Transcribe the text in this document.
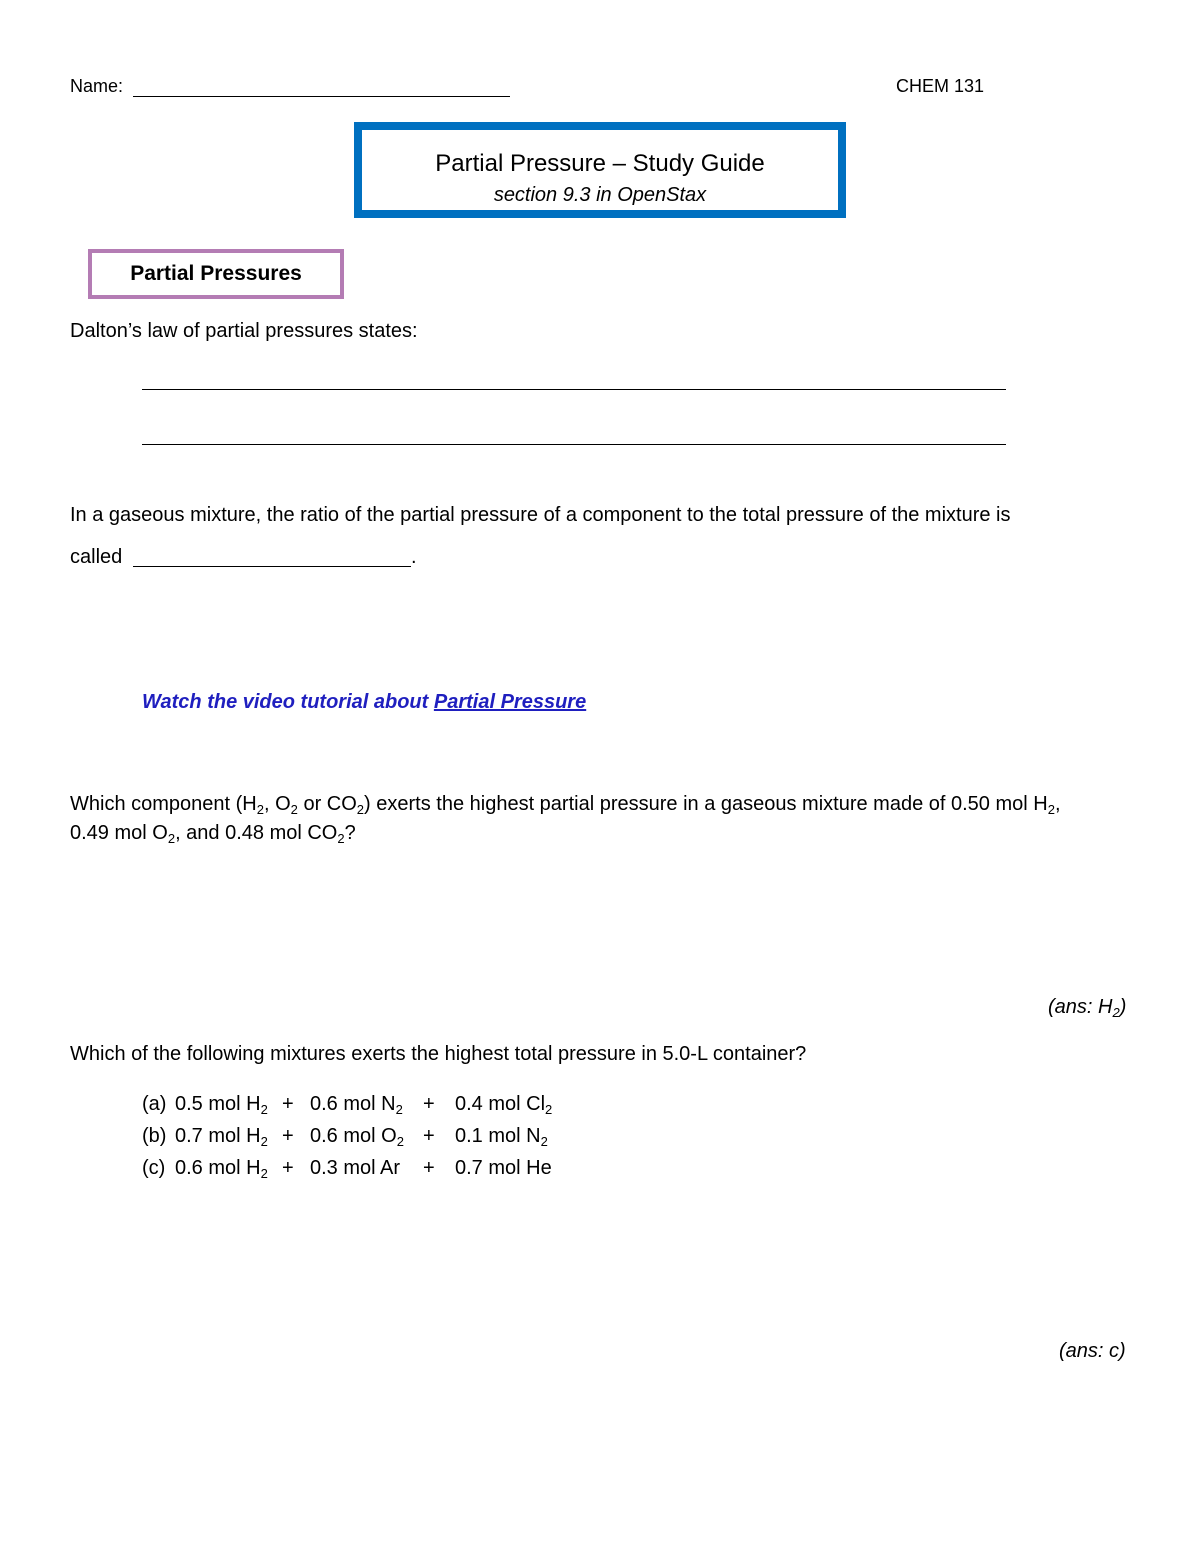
Name:	CHEM 131
Partial Pressure – Study Guide
section 9.3 in OpenStax
Partial Pressures
Dalton’s law of partial pressures states:
In a gaseous mixture, the ratio of the partial pressure of a component to the total pressure of the mixture is
called	.
Watch the video tutorial about Partial Pressure
Which component ($H_2$, $O_2$ or $CO_2$) exerts the highest partial pressure in a gaseous mixture made of 0.50 mol $H_2$,
0.49 mol $O_2$, and 0.48 mol $CO_2$?
(ans: $H_2$)
Which of the following mixtures exerts the highest total pressure in 5.0-L container?
(a) 0.5 mol $H_2 + 0.6$ mol $N_2 + 0.4$ mol $Cl_2$
(b) 0.7 mol $H_2 + 0.6$ mol $O_2 + 0.1$ mol $N_2$
(c) 0.6 mol $H_2 + 0.3$ mol Ar + 0.7 mol He
(ans: c)
